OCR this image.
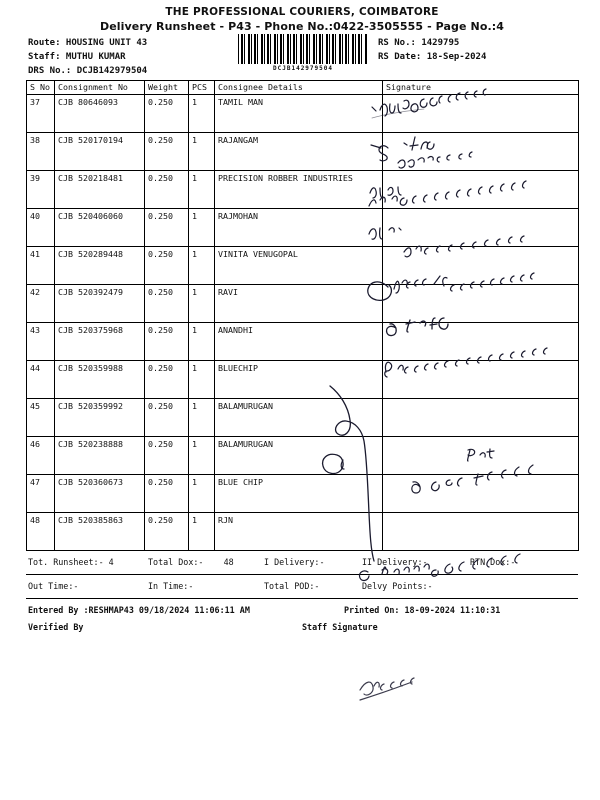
THE PROFESSIONAL COURIERS, COIMBATORE
Delivery Runsheet - P43 - Phone No.:0422-3505555 - Page No.:4
Route: HOUSING UNIT 43
Staff: MUTHU KUMAR
DRS No.: DCJB142979504	DCJB142979504
RS No.: 1429795
RS Date: 18-Sep-2024
S No	Consignment No	Weight	PCS	Consignee Details	Signature
37	CJB 80646093	0.250	1	TAMIL MAN	
38	CJB 520170194	0.250	1	RAJANGAM	
39	CJB 520218481	0.250	1	PRECISION ROBBER INDUSTRIES	
40	CJB 520406060	0.250	1	RAJMOHAN	
41	CJB 520289448	0.250	1	VINITA VENUGOPAL	
42	CJB 520392479	0.250	1	RAVI	
43	CJB 520375968	0.250	1	ANANDHI	
44	CJB 520359988	0.250	1	BLUECHIP	
45	CJB 520359992	0.250	1	BALAMURUGAN	
46	CJB 520238888	0.250	1	BALAMURUGAN	
47	CJB 520360673	0.250	1	BLUE CHIP	
48	CJB 520385863	0.250	1	RJN	

Tot. Runsheet:- 4

	Total Dox:-    48

	I Delivery:-

	II Delivery:-

	RTN Dox:-

Out Time:-

	In Time:-

	Total POD:-

	Delvy Points:-

Entered By :RESHMAP43 09/18/2024 11:06:11 AM

	Printed On: 18-09-2024 11:10:31

Verified By

	Staff Signature
